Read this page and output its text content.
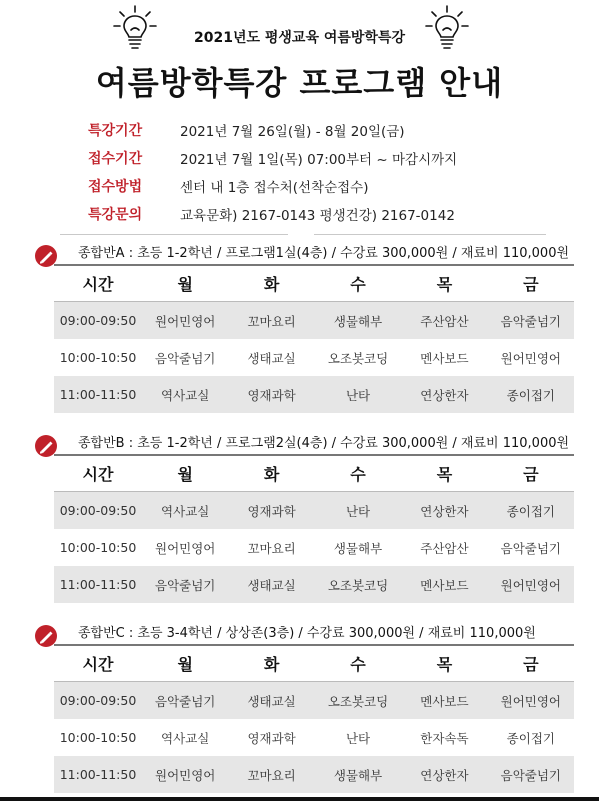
2021년도 평생교육 여름방학특강
여름방학특강 프로그램 안내
특강기간	2021년 7월 26일(월) - 8월 20일(금)
접수기간	2021년 7월 1일(목) 07:00부터 ~ 마감시까지
접수방법	센터 내 1층 접수처(선착순접수)
특강문의	교육문화) 2167-0143 평생건강) 2167-0142
종합반A : 초등 1-2학년 / 프로그램1실(4층) / 수강료 300,000원 / 재료비 110,000원
시간	월	화	수	목	금
09:00-09:50	원어민영어	꼬마요리	생물해부	주산암산	음악줄넘기
10:00-10:50	음악줄넘기	생태교실	오조봇코딩	멘사보드	원어민영어
11:00-11:50	역사교실	영재과학	난타	연상한자	종이접기
종합반B : 초등 1-2학년 / 프로그램2실(4층) / 수강료 300,000원 / 재료비 110,000원
시간	월	화	수	목	금
09:00-09:50	역사교실	영재과학	난타	연상한자	종이접기
10:00-10:50	원어민영어	꼬마요리	생물해부	주산암산	음악줄넘기
11:00-11:50	음악줄넘기	생태교실	오조봇코딩	멘사보드	원어민영어
종합반C : 초등 3-4학년 / 상상존(3층) / 수강료 300,000원 / 재료비 110,000원
시간	월	화	수	목	금
09:00-09:50	음악줄넘기	생태교실	오조봇코딩	멘사보드	원어민영어
10:00-10:50	역사교실	영재과학	난타	한자속독	종이접기
11:00-11:50	원어민영어	꼬마요리	생물해부	연상한자	음악줄넘기
